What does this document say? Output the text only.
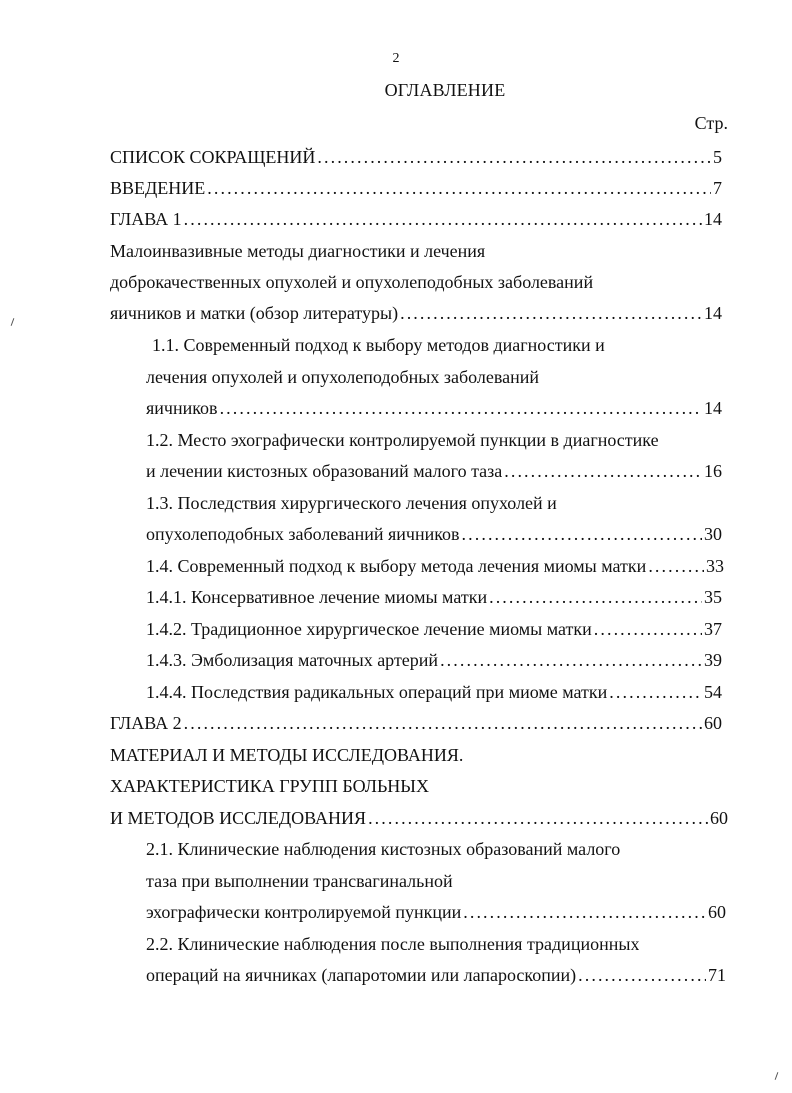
2
ОГЛАВЛЕНИЕ
Стр.
СПИСОК СОКРАЩЕНИЙ . . .	5
ВВЕДЕНИЕ . . .	7
ГЛАВА 1 . . .	14
Малоинвазивные методы диагностики и лечения
доброкачественных опухолей и опухолеподобных заболеваний
яичников и матки (обзор литературы) . . .	14
1.1. Современный подход к выбору методов диагностики и
лечения опухолей и опухолеподобных заболеваний
яичников . . .	14
1.2. Место эхографически контролируемой пункции в диагностике
и лечении кистозных образований малого таза . . .	16
1.3. Последствия хирургического лечения опухолей и
опухолеподобных заболеваний яичников . . .	30
1.4. Современный подход к выбору метода лечения миомы матки . . .	33
1.4.1. Консервативное лечение миомы матки . . .	35
1.4.2. Традиционное хирургическое лечение миомы матки . . .	37
1.4.3. Эмболизация маточных артерий . . .	39
1.4.4. Последствия радикальных операций при миоме матки . . .	54
ГЛАВА 2 . . .	60
МАТЕРИАЛ И МЕТОДЫ ИССЛЕДОВАНИЯ.
ХАРАКТЕРИСТИКА ГРУПП БОЛЬНЫХ
И МЕТОДОВ ИССЛЕДОВАНИЯ . . .	60
2.1. Клинические наблюдения кистозных образований малого
таза при выполнении трансвагинальной
эхографически контролируемой пункции . . .	60
2.2. Клинические наблюдения после выполнения традиционных
операций на яичниках (лапаротомии или лапароскопии) . . .	71
